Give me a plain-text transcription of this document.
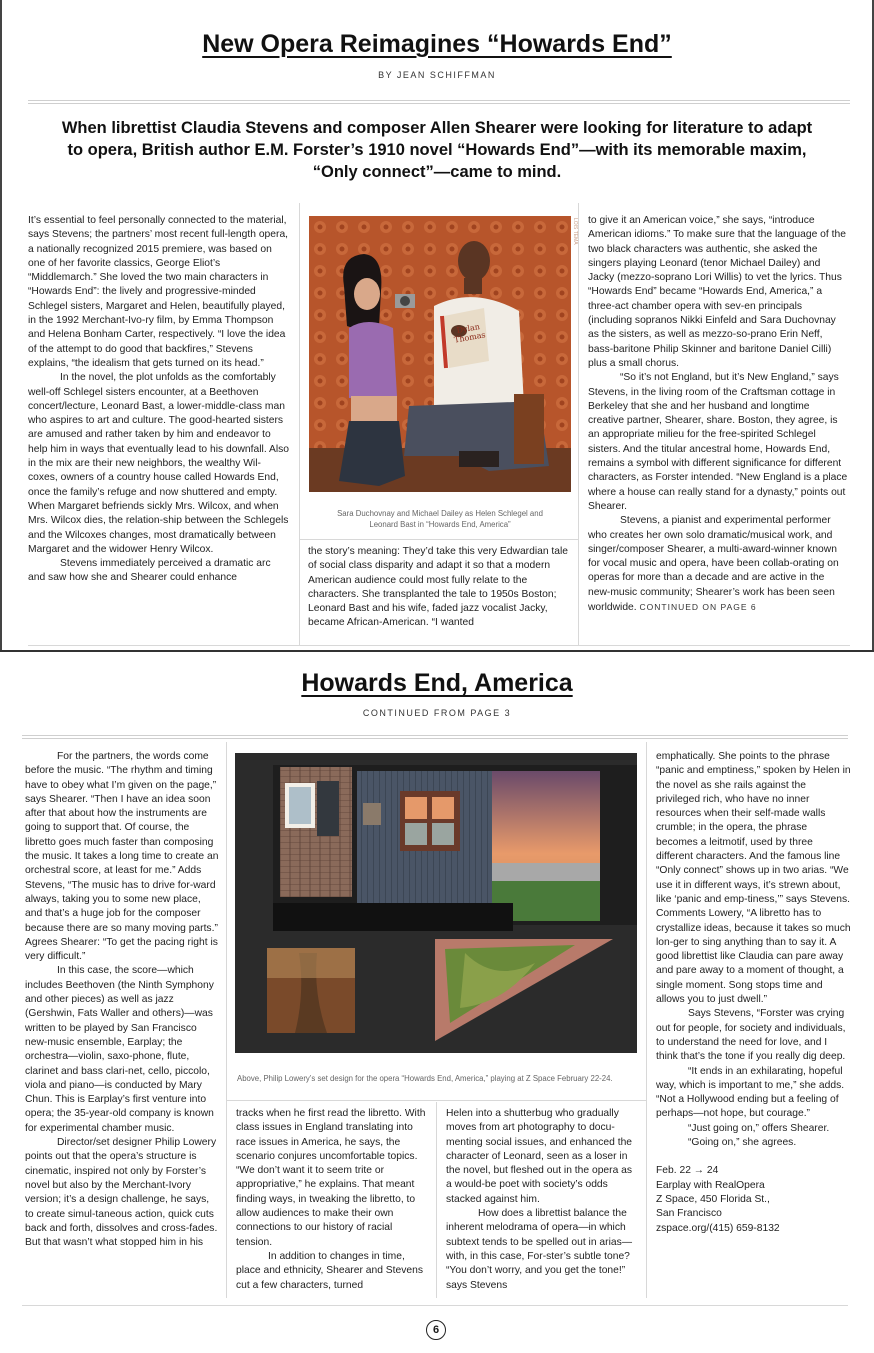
New Opera Reimagines “Howards End”
BY JEAN SCHIFFMAN
When librettist Claudia Stevens and composer Allen Shearer were looking for literature to adapt to opera, British author E.M. Forster’s 1910 novel “Howards End”—with its memorable maxim, “Only connect”—came to mind.

It’s essential to feel personally connected to the material, says Stevens; the partners’ most recent full-length opera, a nationally recognized 2015 premiere, was based on one of her favorite classics, George Eliot’s “Middlemarch.” She loved the two main characters in “Howards End”: the lively and progressive-minded Schlegel sisters, Margaret and Helen, beautifully played, in the 1992 Merchant-Ivo-ry film, by Emma Thompson and Helena Bonham Carter, respectively. “I love the idea of the attempt to do good that backfires,” Stevens explains, “the idealism that gets turned on its head.”

In the novel, the plot unfolds as the comfortably well-off Schlegel sisters encounter, at a Beethoven concert/lecture, Leonard Bast, a lower-middle-class man who aspires to art and culture. The good-hearted sisters are amused and rather taken by him and endeavor to help him in ways that eventually lead to his downfall. Also in the mix are their new neighbors, the wealthy Wil-coxes, owners of a country house called Howards End, once the family’s refuge and now shuttered and empty. When Margaret befriends sickly Mrs. Wilcox, and when Mrs. Wilcox dies, the relation-ship between the Schlegels and the Wilcoxes changes, most dramatically between Margaret and the widower Henry Wilcox.

Stevens immediately perceived a dramatic arc and saw how she and Shearer could enhance

Dylan Thomas
LOIS TEMA
Sara Duchovnay and Michael Dailey as Helen Schlegel and Leonard Bast in “Howards End, America”

the story’s meaning: They’d take this very Edwardian tale of social class disparity and adapt it so that a modern American audience could most fully relate to the characters. She transplanted the tale to 1950s Boston; Leonard Bast and his wife, faded jazz vocalist Jacky, became African-American. “I wanted

to give it an American voice,” she says, “introduce American idioms.” To make sure that the language of the two black characters was authentic, she asked the singers playing Leonard (tenor Michael Dailey) and Jacky (mezzo-soprano Lori Willis) to vet the lyrics. Thus “Howards End” became “Howards End, America,” a three-act chamber opera with sev-en principals (including sopranos Nikki Einfeld and Sara Duchovnay as the sisters, as well as mezzo-so-prano Erin Neff, bass-baritone Philip Skinner and baritone Daniel Cilli) plus a small chorus.

“So it’s not England, but it’s New England,” says Stevens, in the living room of the Craftsman cottage in Berkeley that she and her husband and longtime creative partner, Shearer, share. Boston, they agree, is an appropriate milieu for the free-spirited Schlegel sisters. And the titular ancestral home, Howards End, remains a symbol with different significance for different characters, as Forster intended. “New England is a place where a house can really stand for a dynasty,” points out Shearer.

Stevens, a pianist and experimental performer who creates her own solo dramatic/musical work, and singer/composer Shearer, a multi-award-winner known for vocal music and opera, have been collab-orating on operas for more than a decade and are active in the new-music community; Shearer’s work has been seen worldwide. CONTINUED ON PAGE 6

Howards End, America
CONTINUED FROM PAGE 3

For the partners, the words come before the music. “The rhythm and timing have to obey what I’m given on the page,” says Shearer. “Then I have an idea soon after that about how the instruments are going to support that. Of course, the libretto goes much faster than composing the music. It takes a long time to create an orchestral score, at least for me.” Adds Stevens, “The music has to drive for-ward always, taking you to some new place, and that’s a huge job for the composer because there are so many moving parts.” Agrees Shearer: “To get the pacing right is very difficult.”

In this case, the score—which includes Beethoven (the Ninth Symphony and other pieces) as well as jazz (Gershwin, Fats Waller and others)—was written to be played by San Francisco new-music ensemble, Earplay; the orchestra—violin, saxo-phone, flute, clarinet and bass clari-net, cello, piccolo, viola and piano—is conducted by Mary Chun. This is Earplay’s first venture into opera; the 35-year-old company is known for experimental chamber music.

Director/set designer Philip Lowery points out that the opera’s structure is cinematic, inspired not only by Forster’s novel but also by the Merchant-Ivory version; it’s a design challenge, he says, to create simul-taneous action, quick cuts back and forth, dissolves and cross-fades. But that wasn’t what stopped him in his

Above, Philip Lowery’s set design for the opera “Howards End, America,” playing at Z Space February 22-24.

tracks when he first read the libretto. With class issues in England translating into race issues in America, he says, the scenario conjures uncomfortable topics. “We don’t want it to seem trite or appropriative,” he explains. That meant finding ways, in tweaking the libretto, to allow audiences to make their own connections to our history of racial tension.

In addition to changes in time, place and ethnicity, Shearer and Stevens cut a few characters, turned

Helen into a shutterbug who gradually moves from art photography to docu-menting social issues, and enhanced the character of Leonard, seen as a loser in the novel, but fleshed out in the opera as a would-be poet with society’s odds stacked against him.

How does a librettist balance the inherent melodrama of opera—in which subtext tends to be spelled out in arias—with, in this case, For-ster’s subtle tone? “You don’t worry, and you get the tone!” says Stevens

emphatically. She points to the phrase “panic and emptiness,” spoken by Helen in the novel as she rails against the privileged rich, who have no inner resources when their self-made walls crumble; in the opera, the phrase becomes a leitmotif, used by three different characters. And the famous line “Only connect” shows up in two arias. “We use it in different ways, it’s strewn about, like ‘panic and emp-tiness,’” says Stevens. Comments Lowery, “A libretto has to crystallize ideas, because it takes so much lon-ger to sing anything than to say it. A good librettist like Claudia can pare away and pare away to a moment of thought, a single moment. Song stops time and allows you to just dwell.”

Says Stevens, “Forster was crying out for people, for society and individuals, to understand the need for love, and I think that’s the tone if you really dig deep.

“It ends in an exhilarating, hopeful way, which is important to me,” she adds. “Not a Hollywood ending but a feeling of perhaps—not hope, but courage.”

“Just going on,” offers Shearer.

“Going on,” she agrees.

Feb. 22 → 24

Earplay with RealOpera

Z Space, 450 Florida St.,

San Francisco

zspace.org/(415) 659-8132

6
